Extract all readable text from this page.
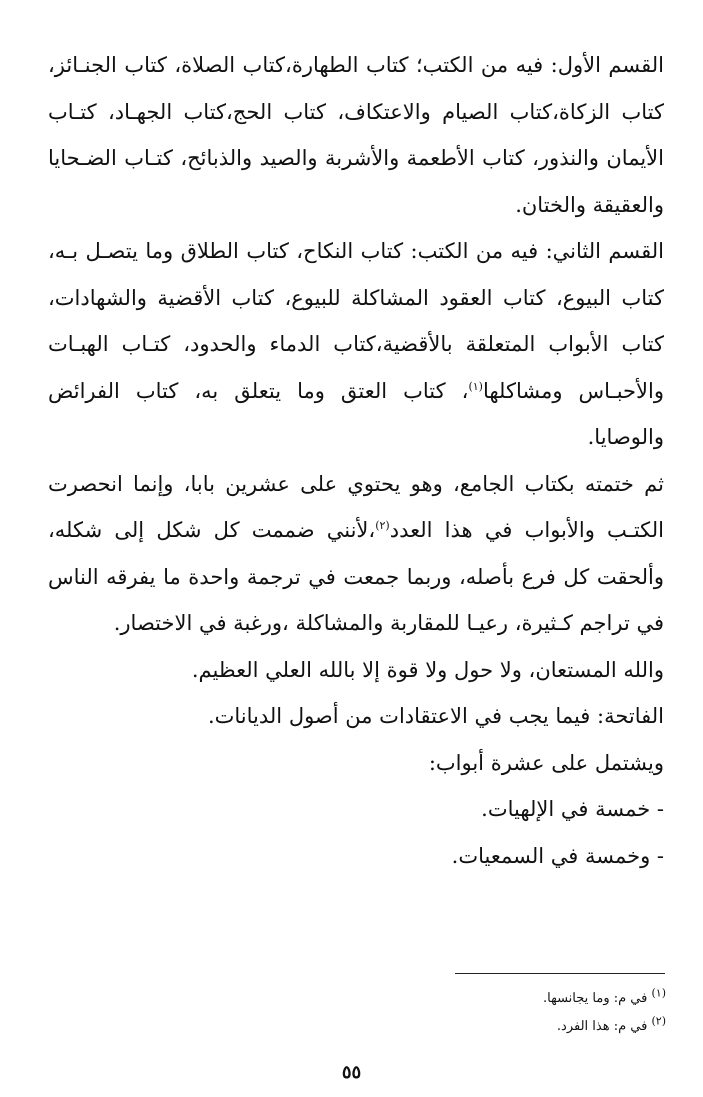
القسم الأول: فيه من الكتب؛ كتاب الطهارة،كتاب الصلاة، كتاب الجنـائز، كتاب الزكاة،كتاب الصيام والاعتكاف، كتاب الحج،كتاب الجهـاد، كتـاب الأيمان والنذور، كتاب الأطعمة والأشربة والصيد والذبائح، كتـاب الضـحايا والعقيقة والختان.

القسم الثاني: فيه من الكتب: كتاب النكاح، كتاب الطلاق وما يتصـل بـه، كتاب البيوع، كتاب العقود المشاكلة للبيوع، كتاب الأقضية والشهادات، كتاب الأبواب المتعلقة بالأقضية،كتاب الدماء والحدود، كتـاب الهبـات والأحبـاس ومشاكلها$^{(١)}$، كتاب العتق وما يتعلق به، كتاب الفرائض والوصايا.

ثم ختمته بكتاب الجامع، وهو يحتوي على عشرين بابا، وإنما انحصرت الكتـب والأبواب في هذا العدد$^{(٢)}$،لأنني ضممت كل شكل إلى شكله، وألحقت كل فرع بأصله، وربما جمعت في ترجمة واحدة ما يفرقه الناس في تراجم كـثيرة، رعيـا للمقاربة والمشاكلة ،ورغبة في الاختصار.

والله المستعان، ولا حول ولا قوة إلا بالله العلي العظيم.

الفاتحة: فيما يجب في الاعتقادات من أصول الديانات.

ويشتمل على عشرة أبواب:

- خمسة في الإلهيات.

- وخمسة في السمعيات.

$^{(١)}$ في م: وما يجانسها.

$^{(٢)}$ في م: هذا الفرد.

٥٥
